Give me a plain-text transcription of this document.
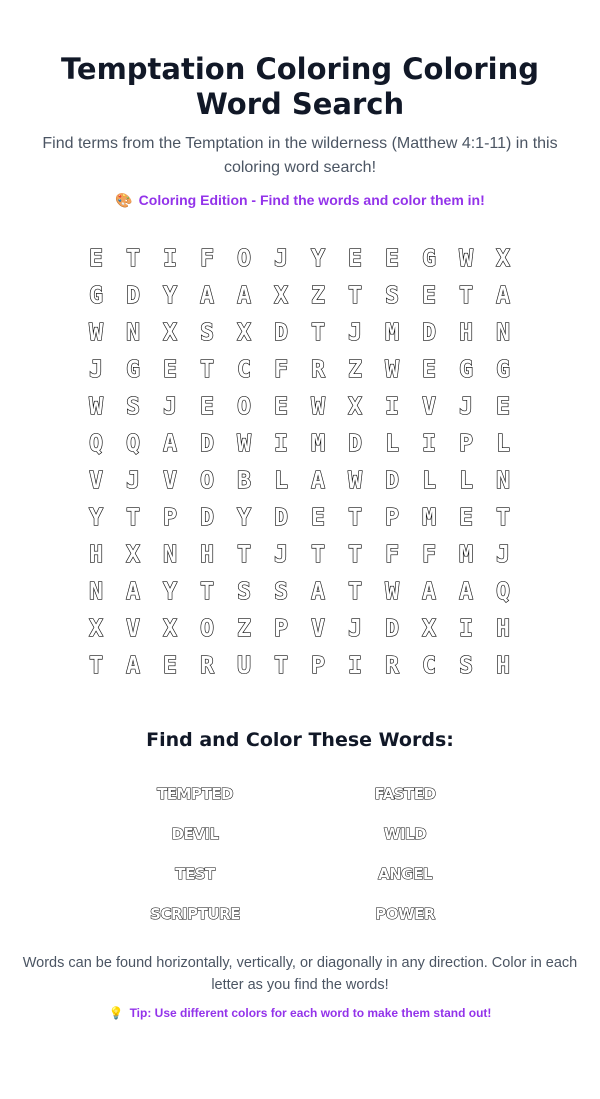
Temptation Coloring Coloring Word Search
Find terms from the Temptation in the wilderness (Matthew 4:1-11) in this coloring word search!
🎨 Coloring Edition - Find the words and color them in!
E	T	I	F	O	J	Y	E	E	G	W	X
G	D	Y	A	A	X	Z	T	S	E	T	A
W	N	X	S	X	D	T	J	M	D	H	N
J	G	E	T	C	F	R	Z	W	E	G	G
W	S	J	E	O	E	W	X	I	V	J	E
Q	Q	A	D	W	I	M	D	L	I	P	L
V	J	V	O	B	L	A	W	D	L	L	N
Y	T	P	D	Y	D	E	T	P	M	E	T
H	X	N	H	T	J	T	T	F	F	M	J
N	A	Y	T	S	S	A	T	W	A	A	Q
X	V	X	O	Z	P	V	J	D	X	I	H
T	A	E	R	U	T	P	I	R	C	S	H
Find and Color These Words:
TEMPTED	FASTED
DEVIL	WILD
TEST	ANGEL
SCRIPTURE	POWER
Words can be found horizontally, vertically, or diagonally in any direction. Color in each letter as you find the words!
💡 Tip: Use different colors for each word to make them stand out!
